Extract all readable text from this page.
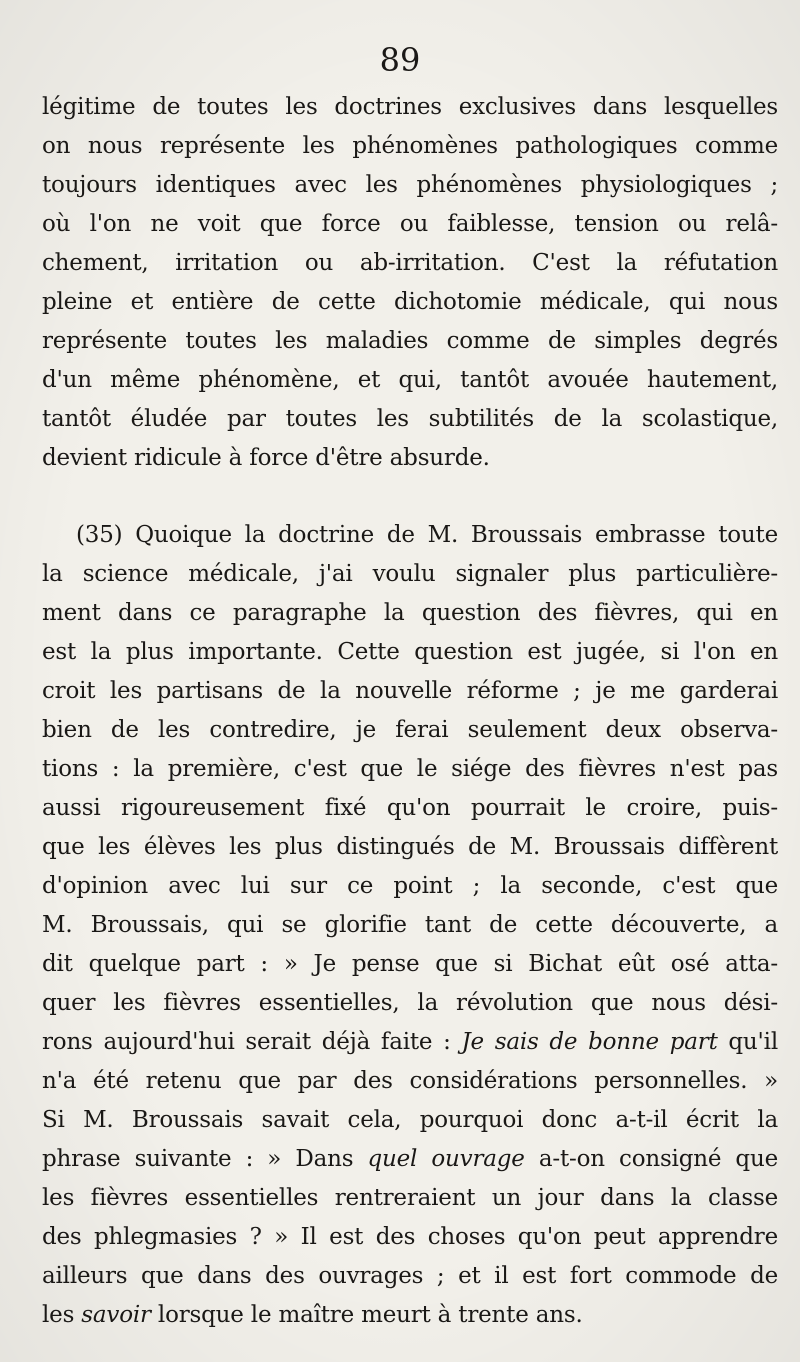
89
légitime de toutes les doctrines exclusives dans lesquelles
on nous représente les phénomènes pathologiques comme
toujours identiques avec les phénomènes physiologiques ;
où l'on ne voit que force ou faiblesse, tension ou relâ-
chement, irritation ou ab-irritation. C'est la réfutation
pleine et entière de cette dichotomie médicale, qui nous
représente toutes les maladies comme de simples degrés
d'un même phénomène, et qui, tantôt avouée hautement,
tantôt éludée par toutes les subtilités de la scolastique,
devient ridicule à force d'être absurde.
(35) Quoique la doctrine de M. Broussais embrasse toute
la science médicale, j'ai voulu signaler plus particulière-
ment dans ce paragraphe la question des fièvres, qui en
est la plus importante. Cette question est jugée, si l'on en
croit les partisans de la nouvelle réforme ; je me garderai
bien de les contredire, je ferai seulement deux observa-
tions : la première, c'est que le siége des fièvres n'est pas
aussi rigoureusement fixé qu'on pourrait le croire, puis-
que les élèves les plus distingués de M. Broussais diffèrent
d'opinion avec lui sur ce point ; la seconde, c'est que
M. Broussais, qui se glorifie tant de cette découverte, a
dit quelque part : » Je pense que si Bichat eût osé atta-
quer les fièvres essentielles, la révolution que nous dési-
rons aujourd'hui serait déjà faite : Je sais de bonne part qu'il
n'a été retenu que par des considérations personnelles. »
Si M. Broussais savait cela, pourquoi donc a-t-il écrit la
phrase suivante : » Dans quel ouvrage a-t-on consigné que
les fièvres essentielles rentreraient un jour dans la classe
des phlegmasies ? » Il est des choses qu'on peut apprendre
ailleurs que dans des ouvrages ; et il est fort commode de
les savoir lorsque le maître meurt à trente ans.
